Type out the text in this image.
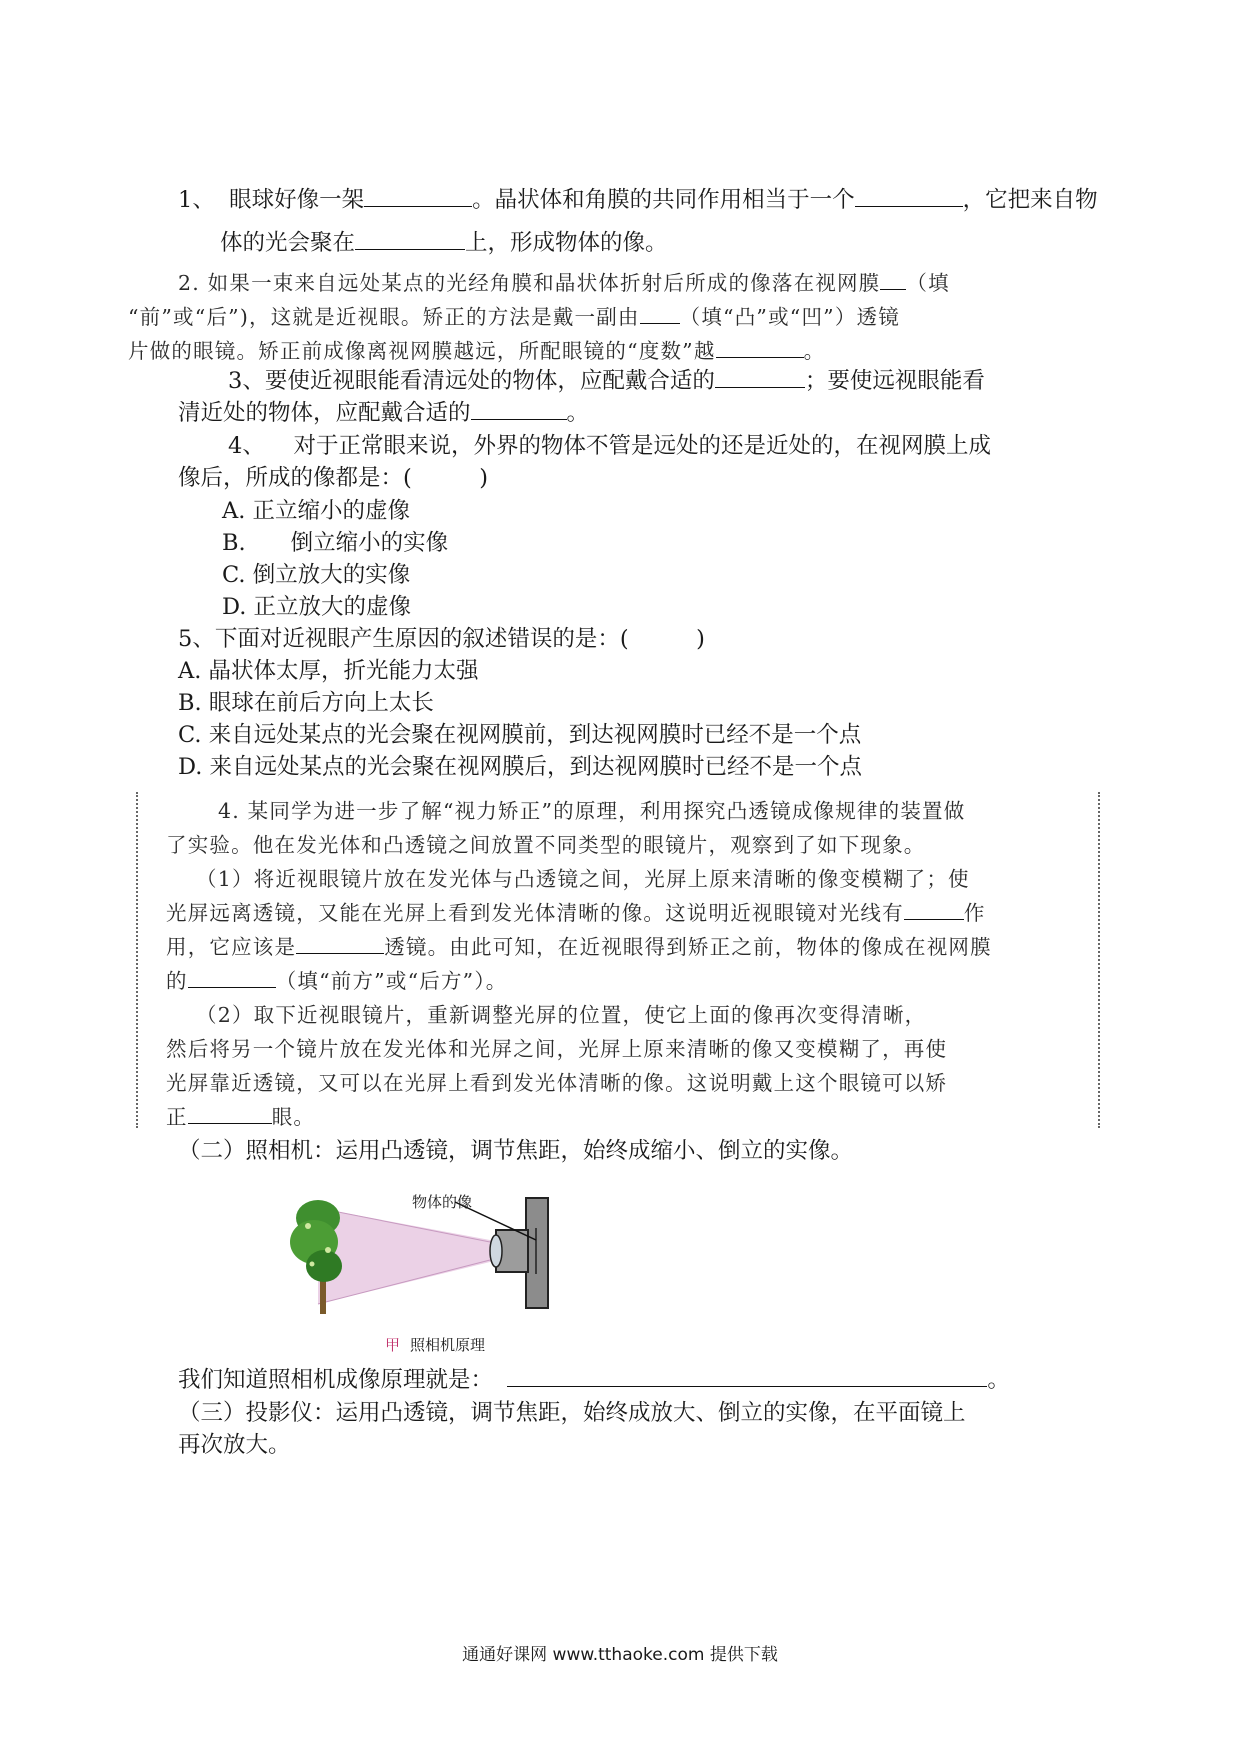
1、 眼球好像一架	。晶状体和角膜的共同作用相当于一个	，它把来自物
体的光会聚在	上，形成物体的像。
2. 如果一束来自远处某点的光经角膜和晶状体折射后所成的像落在视网膜 （填
“前”或“后”)，这就是近视眼。矫正的方法是戴一副由 （填“凸”或“凹”）透镜
片做的眼镜。矫正前成像离视网膜越远，所配眼镜的“度数”越	。
3、要使近视眼能看清远处的物体，应配戴合适的	；要使远视眼能看
清近处的物体，应配戴合适的	。
4、 对于正常眼来说，外界的物体不管是远处的还是近处的，在视网膜上成
像后，所成的像都是：(　　　)
A. 正立缩小的虚像
B.　　倒立缩小的实像
C. 倒立放大的实像
D. 正立放大的虚像
5、下面对近视眼产生原因的叙述错误的是：(　　　)
A. 晶状体太厚，折光能力太强
B. 眼球在前后方向上太长
C. 来自远处某点的光会聚在视网膜前，到达视网膜时已经不是一个点
D. 来自远处某点的光会聚在视网膜后，到达视网膜时已经不是一个点
4. 某同学为进一步了解“视力矫正”的原理，利用探究凸透镜成像规律的装置做
了实验。他在发光体和凸透镜之间放置不同类型的眼镜片，观察到了如下现象。
（1）将近视眼镜片放在发光体与凸透镜之间，光屏上原来清晰的像变模糊了；使
光屏远离透镜，又能在光屏上看到发光体清晰的像。这说明近视眼镜对光线有	作
用，它应该是	透镜。由此可知，在近视眼得到矫正之前，物体的像成在视网膜
的	（填“前方”或“后方”）。
（2）取下近视眼镜片，重新调整光屏的位置，使它上面的像再次变得清晰，
然后将另一个镜片放在发光体和光屏之间，光屏上原来清晰的像又变模糊了，再使
光屏靠近透镜，又可以在光屏上看到发光体清晰的像。这说明戴上这个眼镜可以矫
正	眼。
（二）照相机：运用凸透镜，调节焦距，始终成缩小、倒立的实像。
物体的像
甲 照相机原理
我们知道照相机成像原理就是：	。
（三）投影仪：运用凸透镜，调节焦距，始终成放大、倒立的实像，在平面镜上
再次放大。
通通好课网 www.tthaoke.com 提供下载
